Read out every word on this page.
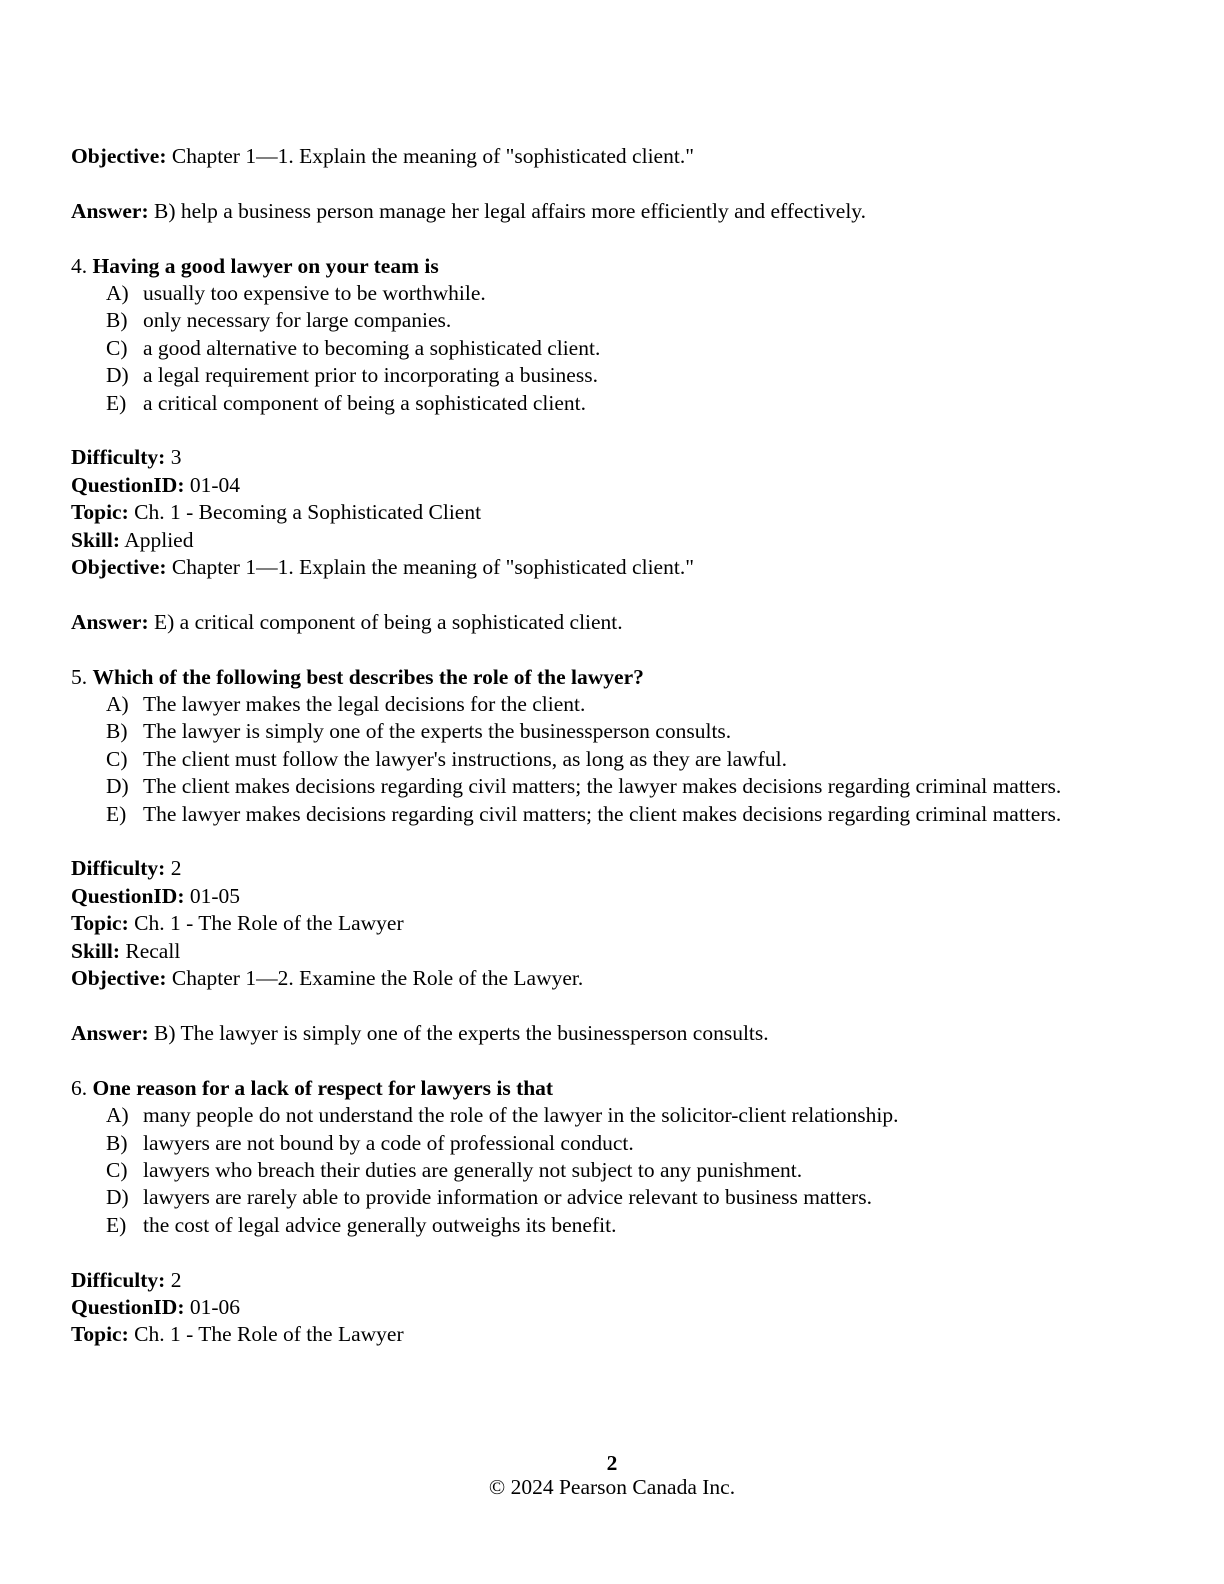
Objective: Chapter 1—1. Explain the meaning of "sophisticated client."
Answer: B) help a business person manage her legal affairs more efficiently and effectively.
4. Having a good lawyer on your team is
A) usually too expensive to be worthwhile.
B) only necessary for large companies.
C) a good alternative to becoming a sophisticated client.
D) a legal requirement prior to incorporating a business.
E) a critical component of being a sophisticated client.
Difficulty: 3
QuestionID: 01-04
Topic: Ch. 1 - Becoming a Sophisticated Client
Skill: Applied
Objective: Chapter 1—1. Explain the meaning of "sophisticated client."
Answer: E) a critical component of being a sophisticated client.
5. Which of the following best describes the role of the lawyer?
A) The lawyer makes the legal decisions for the client.
B) The lawyer is simply one of the experts the businessperson consults.
C) The client must follow the lawyer's instructions, as long as they are lawful.
D) The client makes decisions regarding civil matters; the lawyer makes decisions regarding criminal matters.
E) The lawyer makes decisions regarding civil matters; the client makes decisions regarding criminal matters.
Difficulty: 2
QuestionID: 01-05
Topic: Ch. 1 - The Role of the Lawyer
Skill: Recall
Objective: Chapter 1—2. Examine the Role of the Lawyer.
Answer: B) The lawyer is simply one of the experts the businessperson consults.
6. One reason for a lack of respect for lawyers is that
A) many people do not understand the role of the lawyer in the solicitor-client relationship.
B) lawyers are not bound by a code of professional conduct.
C) lawyers who breach their duties are generally not subject to any punishment.
D) lawyers are rarely able to provide information or advice relevant to business matters.
E) the cost of legal advice generally outweighs its benefit.
Difficulty: 2
QuestionID: 01-06
Topic: Ch. 1 - The Role of the Lawyer
2
© 2024 Pearson Canada Inc.
